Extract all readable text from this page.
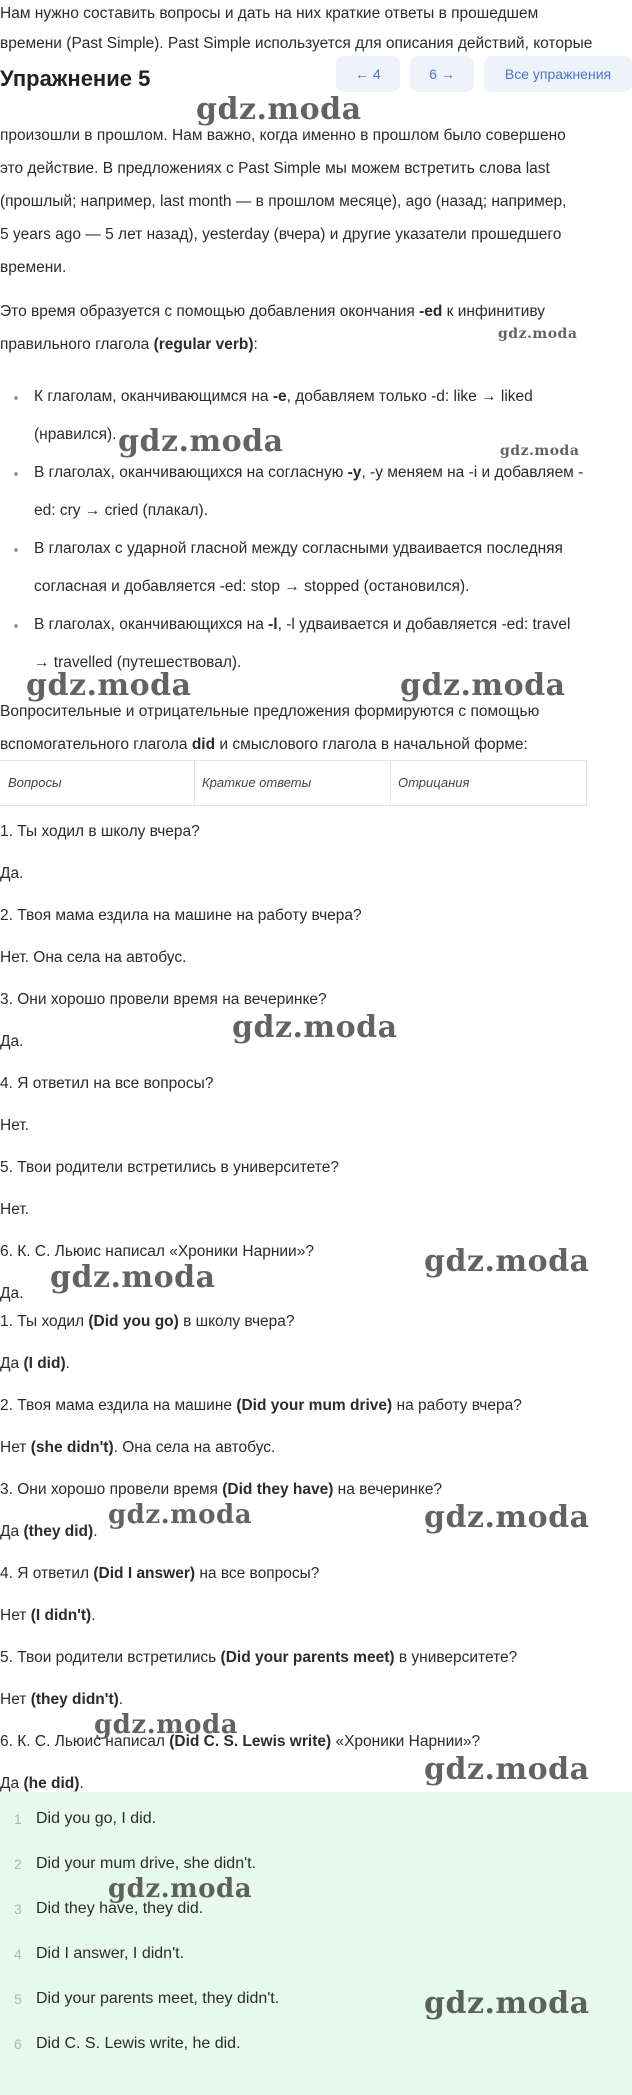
Нам нужно составить вопросы и дать на них краткие ответы в прошедшем
времени (Past Simple). Past Simple используется для описания действий, которые
Упражнение 5	← 4	6 →	Все упражнения
произошли в прошлом. Нам важно, когда именно в прошлом было совершено
это действие. В предложениях с Past Simple мы можем встретить слова last
(прошлый; например, last month — в прошлом месяце), ago (назад; например,
5 years ago — 5 лет назад), yesterday (вчера) и другие указатели прошедшего
времени.
Это время образуется с помощью добавления окончания -ed к инфинитиву
правильного глагола (regular verb):
К глаголам, оканчивающимся на -e, добавляем только -d: like → liked
(нравился).
В глаголах, оканчивающихся на согласную -y, -y меняем на -i и добавляем -
ed: cry → cried (плакал).
В глаголах с ударной гласной между согласными удваивается последняя
согласная и добавляется -ed: stop → stopped (остановился).
В глаголах, оканчивающихся на -l, -l удваивается и добавляется -ed: travel
→ travelled (путешествовал).
Вопросительные и отрицательные предложения формируются с помощью
вспомогательного глагола did и смыслового глагола в начальной форме:
Вопросы	Краткие ответы	Отрицания
1. Ты ходил в школу вчера?
Да.
2. Твоя мама ездила на машине на работу вчера?
Нет. Она села на автобус.
3. Они хорошо провели время на вечеринке?
Да.
4. Я ответил на все вопросы?
Нет.
5. Твои родители встретились в университете?
Нет.
6. К. С. Льюис написал «Хроники Нарнии»?
Да.
1. Ты ходил (Did you go) в школу вчера?
Да (I did).
2. Твоя мама ездила на машине (Did your mum drive) на работу вчера?
Нет (she didn't). Она села на автобус.
3. Они хорошо провели время (Did they have) на вечеринке?
Да (they did).
4. Я ответил (Did I answer) на все вопросы?
Нет (I didn't).
5. Твои родители встретились (Did your parents meet) в университете?
Нет (they didn't).
6. К. С. Льюис написал (Did C. S. Lewis write) «Хроники Нарнии»?
Да (he did).
1 Did you go, I did.
2 Did your mum drive, she didn't.
3 Did they have, they did.
4 Did I answer, I didn't.
5 Did your parents meet, they didn't.
6 Did C. S. Lewis write, he did.
gdz.moda
gdz.moda
gdz.moda	gdz.moda
gdz.moda	gdz.moda
gdz.moda
gdz.moda
gdz.moda
gdz.moda	gdz.moda
gdz.moda
gdz.moda
gdz.moda
gdz.moda
